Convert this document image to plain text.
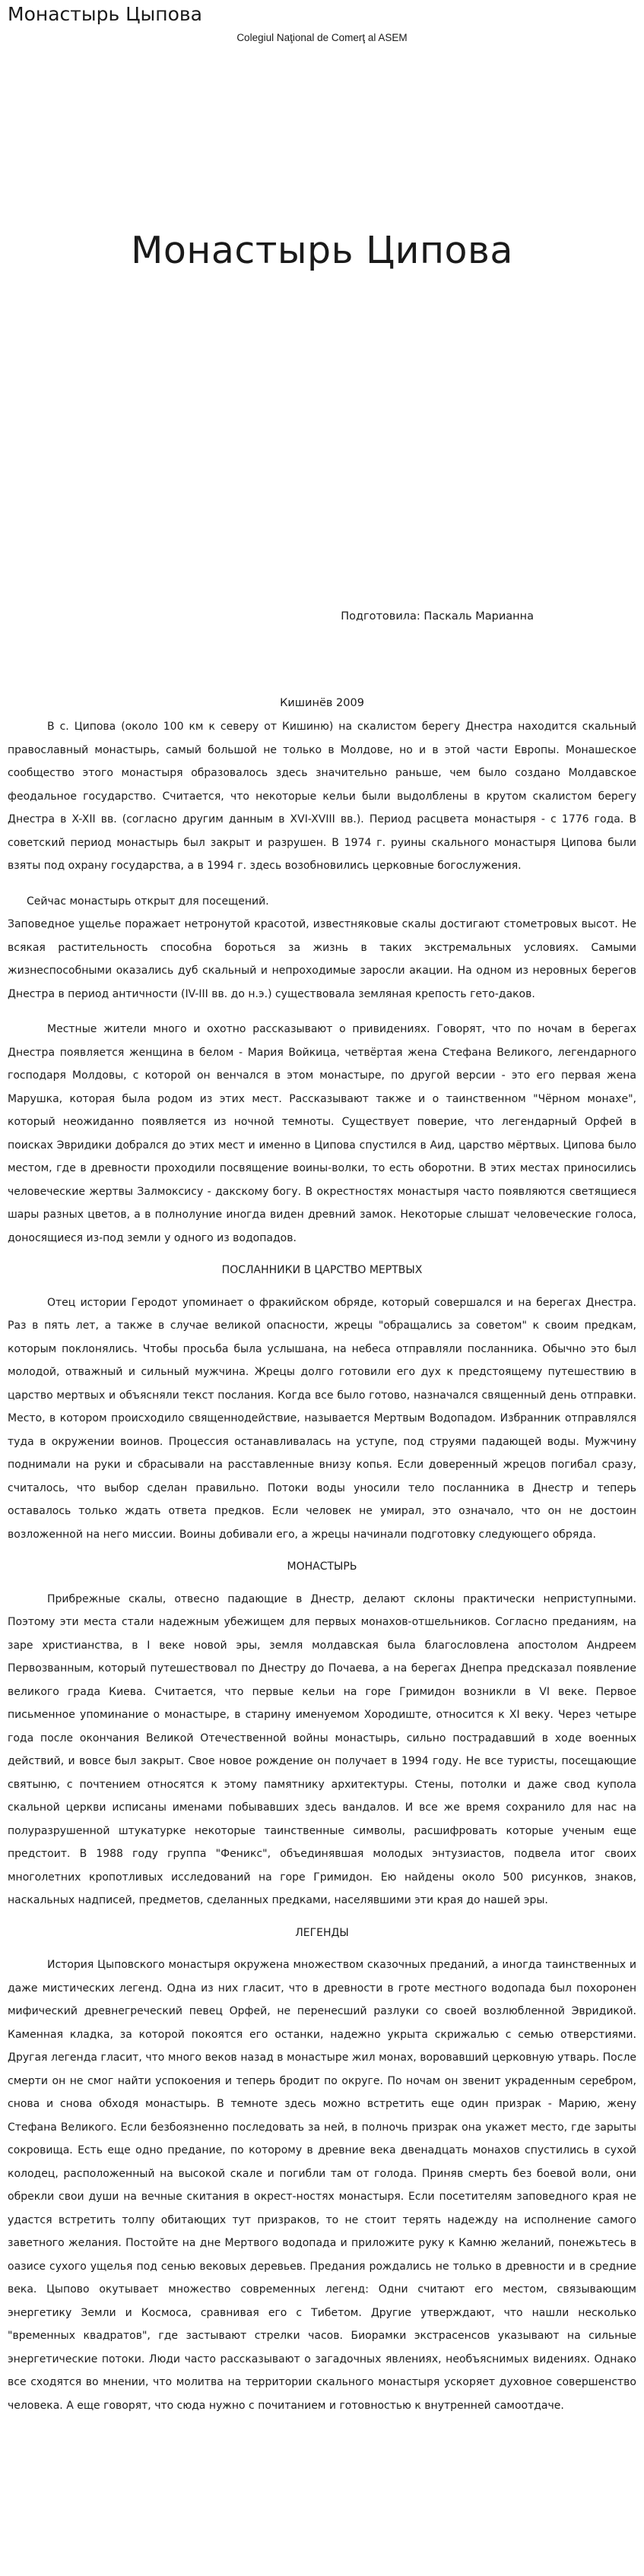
Монастырь Цыпова
Colegiul Naţional de Comerţ al ASEM
Монастырь Ципова
Подготовила: Паскаль Марианна
Кишинёв 2009

В с. Ципова (около 100 км к северу от Кишиню) на скалистом берегу Днестра находится скальный православный монастырь, самый большой не только в Молдове, но и в этой части Европы. Монашеское сообщество этого монастыря образовалось здесь значительно раньше, чем было создано Молдавское феодальное государство. Считается, что некоторые кельи были выдолблены в крутом скалистом берегу Днестра в X-XII вв. (согласно другим данным в XVI-XVIII вв.). Период расцвета монастыря - с 1776 года. В советский период монастырь был закрыт и разрушен. В 1974 г. руины скального монастыря Ципова были взяты под охрану государства, а в 1994 г. здесь возобновились церковные богослужения.

Сейчас монастырь открыт для посещений.

Заповедное ущелье поражает нетронутой красотой, известняковые скалы достигают стометровых высот. Не всякая растительность способна бороться за жизнь в таких экстремальных условиях. Самыми жизнеспособными оказались дуб скальный и непроходимые заросли акации. На одном из неровных берегов Днестра в период античности (IV-III вв. до н.э.) существовала земляная крепость гето-даков.

Местные жители много и охотно рассказывают о привидениях. Говорят, что по ночам в берегах Днестра появляется женщина в белом - Мария Войкица, четвёртая жена Стефана Великого, легендарного господаря Молдовы, с которой он венчался в этом монастыре, по другой версии - это его первая жена Марушка, которая была родом из этих мест. Рассказывают также и о таинственном "Чёрном монахе", который неожиданно появляется из ночной темноты. Существует поверие, что легендарный Орфей в поисках Эвридики добрался до этих мест и именно в Ципова спустился в Аид, царство мёртвых. Ципова было местом, где в древности проходили посвящение воины-волки, то есть оборотни. В этих местах приносились человеческие жертвы Залмоксису - дакскому богу. В окрестностях монастыря часто появляются светящиеся шары разных цветов, а в полнолуние иногда виден древний замок. Некоторые слышат человеческие голоса, доносящиеся из-под земли у одного из водопадов.

ПОСЛАННИКИ В ЦАРСТВО МЕРТВЫХ

Отец истории Геродот упоминает о фракийском обряде, который совершался и на берегах Днестра. Раз в пять лет, а также в случае великой опасности, жрецы "обращались за советом" к своим предкам, которым поклонялись. Чтобы просьба была услышана, на небеса отправляли посланника. Обычно это был молодой, отважный и сильный мужчина. Жрецы долго готовили его дух к предстоящему путешествию в царство мертвых и объясняли текст послания. Когда все было готово, назначался священный день отправки. Место, в котором происходило священнодействие, называется Мертвым Водопадом. Избранник отправлялся туда в окружении воинов. Процессия останавливалась на уступе, под струями падающей воды. Мужчину поднимали на руки и сбрасывали на расставленные внизу копья. Если доверенный жрецов погибал сразу, считалось, что выбор сделан правильно. Потоки воды уносили тело посланника в Днестр и теперь оставалось только ждать ответа предков. Если человек не умирал, это означало, что он не достоин возложенной на него миссии. Воины добивали его, а жрецы начинали подготовку следующего обряда.

МОНАСТЫРЬ

Прибрежные скалы, отвесно падающие в Днестр, делают склоны практически неприступными. Поэтому эти места стали надежным убежищем для первых монахов-отшельников. Согласно преданиям, на заре христианства, в I веке новой эры, земля молдавская была благословлена апостолом Андреем Первозванным, который путешествовал по Днестру до Почаева, а на берегах Днепра предсказал появление великого града Киева. Считается, что первые кельи на горе Гримидон возникли в VI веке. Первое письменное упоминание о монастыре, в старину именуемом Хородиште, относится к XI веку. Через четыре года после окончания Великой Отечественной войны монастырь, сильно пострадавший в ходе военных действий, и вовсе был закрыт. Свое новое рождение он получает в 1994 году. Не все туристы, посещающие святыню, с почтением относятся к этому памятнику архитектуры. Стены, потолки и даже свод купола скальной церкви исписаны именами побывавших здесь вандалов. И все же время сохранило для нас на полуразрушенной штукатурке некоторые таинственные символы, расшифровать которые ученым еще предстоит. В 1988 году группа "Феникс", объединявшая молодых энтузиастов, подвела итог своих многолетних кропотливых исследований на горе Гримидон. Ею найдены около 500 рисунков, знаков, наскальных надписей, предметов, сделанных предками, населявшими эти края до нашей эры.

ЛЕГЕНДЫ

История Цыповского монастыря окружена множеством сказочных преданий, а иногда таинственных и даже мистических легенд. Одна из них гласит, что в древности в гроте местного водопада был похоронен мифический древнегреческий певец Орфей, не перенесший разлуки со своей возлюбленной Эвридикой. Каменная кладка, за которой покоятся его останки, надежно укрыта скрижалью с семью отверстиями. Другая легенда гласит, что много веков назад в монастыре жил монах, воровавший церковную утварь. После смерти он не смог найти успокоения и теперь бродит по округе. По ночам он звенит украденным серебром, снова и снова обходя монастырь. В темноте здесь можно встретить еще один призрак - Марию, жену Стефана Великого. Если безбоязненно последовать за ней, в полночь призрак она укажет место, где зарыты сокровища. Есть еще одно предание, по которому в древние века двенадцать монахов спустились в сухой колодец, расположенный на высокой скале и погибли там от голода. Приняв смерть без боевой воли, они обрекли свои души на вечные скитания в окрест-ностях монастыря. Если посетителям заповедного края не удастся встретить толпу обитающих тут призраков, то не стоит терять надежду на исполнение самого заветного желания. Постойте на дне Мертвого водопада и приложите руку к Камню желаний, понежьтесь в оазисе сухого ущелья под сенью вековых деревьев. Предания рождались не только в древности и в средние века. Цыпово окутывает множество современных легенд: Одни считают его местом, связывающим энергетику Земли и Космоса, сравнивая его с Тибетом. Другие утверждают, что нашли несколько "временных квадратов", где застывают стрелки часов. Биорамки экстрасенсов указывают на сильные энергетические потоки. Люди часто рассказывают о загадочных явлениях, необъяснимых видениях. Однако все сходятся во мнении, что молитва на территории скального монастыря ускоряет духовное совершенство человека. А еще говорят, что сюда нужно с почитанием и готовностью к внутренней самоотдаче.
